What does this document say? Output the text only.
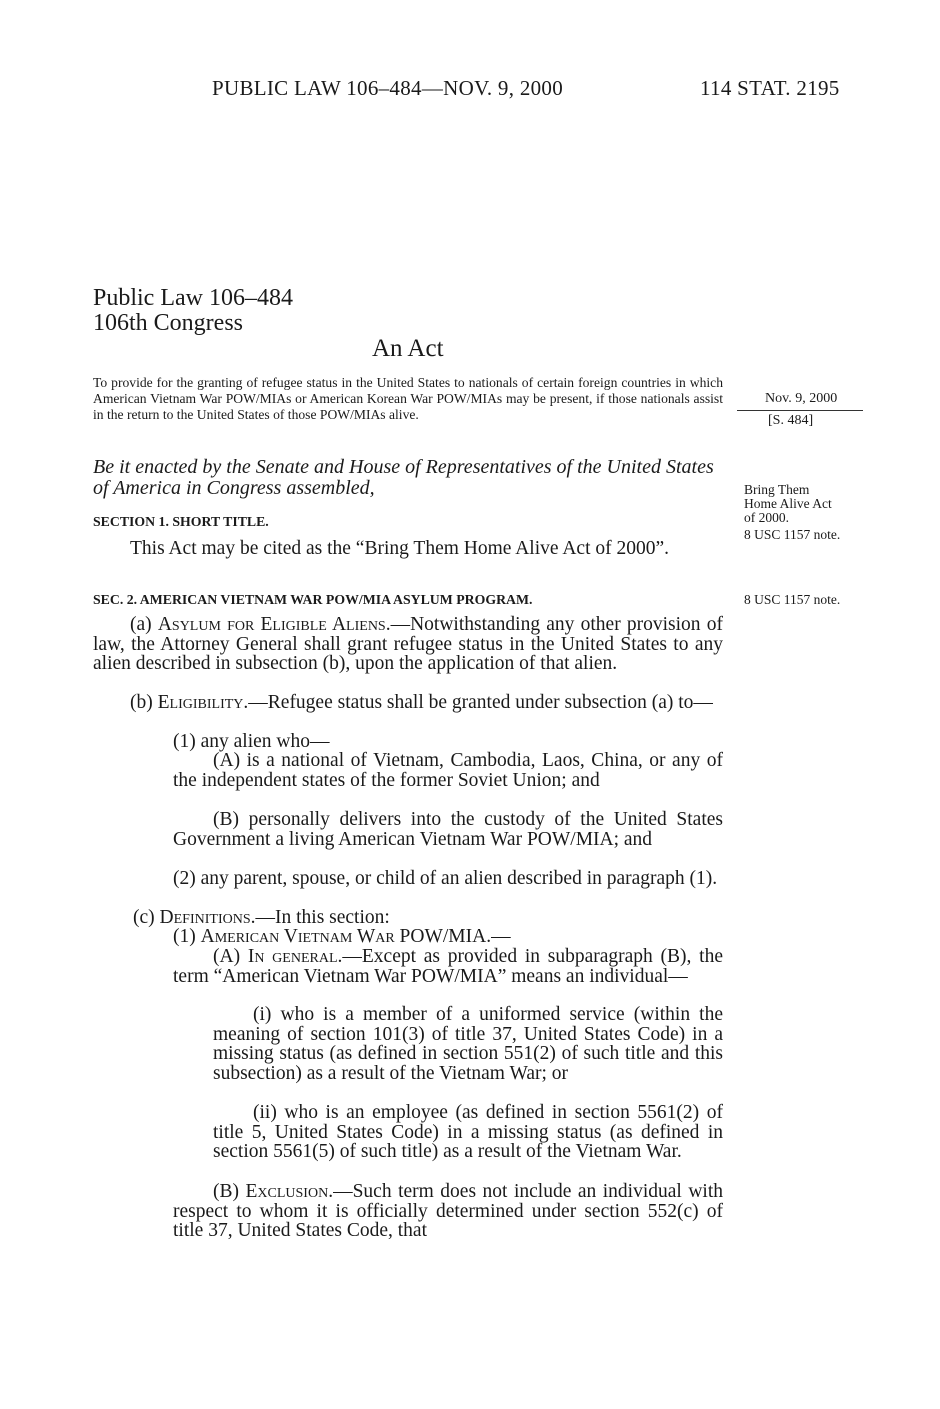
PUBLIC LAW 106–484—NOV. 9, 2000	114 STAT. 2195
Public Law 106–484
106th Congress
An Act
To provide for the granting of refugee status in the United States to nationals of certain foreign countries in which American Vietnam War POW/MIAs or American Korean War POW/MIAs may be present, if those nationals assist in the return to the United States of those POW/MIAs alive.
Nov. 9, 2000
[S. 484]
Be it enacted by the Senate and House of Representatives of the United States of America in Congress assembled,	Bring Them
Home Alive Act
of 2000.
8 USC 1157 note.
SECTION 1. SHORT TITLE.
This Act may be cited as the “Bring Them Home Alive Act of 2000”.
SEC. 2. AMERICAN VIETNAM WAR POW/MIA ASYLUM PROGRAM.	8 USC 1157 note.
(a) Asylum for Eligible Aliens.—Notwithstanding any other provision of law, the Attorney General shall grant refugee status in the United States to any alien described in subsection (b), upon the application of that alien.
(b) Eligibility.—Refugee status shall be granted under subsection (a) to—
(1) any alien who—
(A) is a national of Vietnam, Cambodia, Laos, China, or any of the independent states of the former Soviet Union; and
(B) personally delivers into the custody of the United States Government a living American Vietnam War POW/MIA; and
(2) any parent, spouse, or child of an alien described in paragraph (1).
(c) Definitions.—In this section:
(1) American Vietnam War POW/MIA.—
(A) In general.—Except as provided in subparagraph (B), the term “American Vietnam War POW/MIA” means an individual—
(i) who is a member of a uniformed service (within the meaning of section 101(3) of title 37, United States Code) in a missing status (as defined in section 551(2) of such title and this subsection) as a result of the Vietnam War; or
(ii) who is an employee (as defined in section 5561(2) of title 5, United States Code) in a missing status (as defined in section 5561(5) of such title) as a result of the Vietnam War.
(B) Exclusion.—Such term does not include an individual with respect to whom it is officially determined under section 552(c) of title 37, United States Code, that
